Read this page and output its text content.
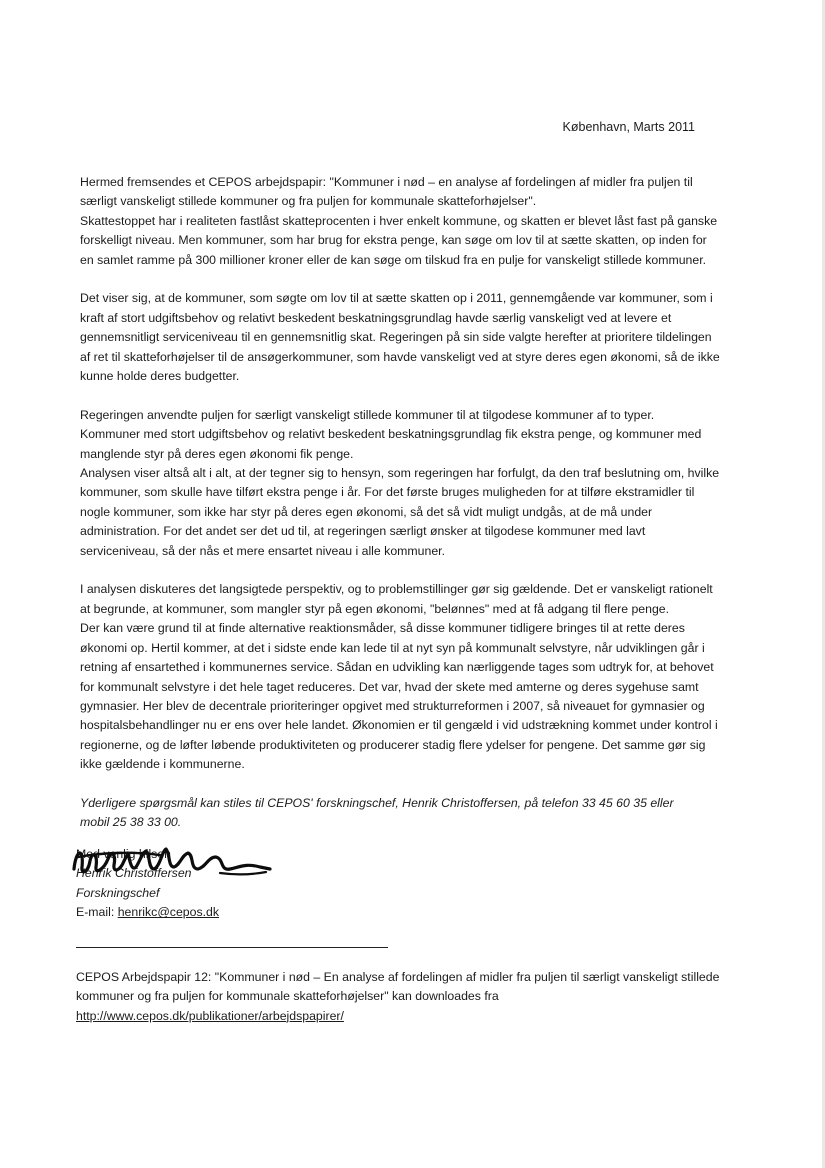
København, Marts 2011

Hermed fremsendes et CEPOS arbejdspapir: "Kommuner i nød – en analyse af fordelingen af midler fra puljen til
særligt vanskeligt stillede kommuner og fra puljen for kommunale skatteforhøjelser".
Skattestoppet har i realiteten fastlåst skatteprocenten i hver enkelt kommune, og skatten er blevet låst fast på ganske
forskelligt niveau. Men kommuner, som har brug for ekstra penge, kan søge om lov til at sætte skatten, op inden for
en samlet ramme på 300 millioner kroner eller de kan søge om tilskud fra en pulje for vanskeligt stillede kommuner.

Det viser sig, at de kommuner, som søgte om lov til at sætte skatten op i 2011, gennemgående var kommuner, som i
kraft af stort udgiftsbehov og relativt beskedent beskatningsgrundlag havde særlig vanskeligt ved at levere et
gennemsnitligt serviceniveau til en gennemsnitlig skat. Regeringen på sin side valgte herefter at prioritere tildelingen
af ret til skatteforhøjelser til de ansøgerkommuner, som havde vanskeligt ved at styre deres egen økonomi, så de ikke
kunne holde deres budgetter.

Regeringen anvendte puljen for særligt vanskeligt stillede kommuner til at tilgodese kommuner af to typer.
Kommuner med stort udgiftsbehov og relativt beskedent beskatningsgrundlag fik ekstra penge, og kommuner med
manglende styr på deres egen økonomi fik penge.
Analysen viser altså alt i alt, at der tegner sig to hensyn, som regeringen har forfulgt, da den traf beslutning om, hvilke
kommuner, som skulle have tilført ekstra penge i år. For det første bruges muligheden for at tilføre ekstramidler til
nogle kommuner, som ikke har styr på deres egen økonomi, så det så vidt muligt undgås, at de må under
administration. For det andet ser det ud til, at regeringen særligt ønsker at tilgodese kommuner med lavt
serviceniveau, så der nås et mere ensartet niveau i alle kommuner.

I analysen diskuteres det langsigtede perspektiv, og to problemstillinger gør sig gældende. Det er vanskeligt rationelt
at begrunde, at kommuner, som mangler styr på egen økonomi, "belønnes" med at få adgang til flere penge.
Der kan være grund til at finde alternative reaktionsmåder, så disse kommuner tidligere bringes til at rette deres
økonomi op. Hertil kommer, at det i sidste ende kan lede til at nyt syn på kommunalt selvstyre, når udviklingen går i
retning af ensartethed i kommunernes service. Sådan en udvikling kan nærliggende tages som udtryk for, at behovet
for kommunalt selvstyre i det hele taget reduceres. Det var, hvad der skete med amterne og deres sygehuse samt
gymnasier. Her blev de decentrale prioriteringer opgivet med strukturreformen i 2007, så niveauet for gymnasier og
hospitalsbehandlinger nu er ens over hele landet. Økonomien er til gengæld i vid udstrækning kommet under kontrol i
regionerne, og de løfter løbende produktiviteten og producerer stadig flere ydelser for pengene. Det samme gør sig
ikke gældende i kommunerne.

Yderligere spørgsmål kan stiles til CEPOS' forskningschef, Henrik Christoffersen, på telefon 33 45 60 35 eller
mobil 25 38 33 00.

Med venlig hilsen
Henrik Christoffersen
Forskningschef
E-mail: henrikc@cepos.dk
CEPOS Arbejdspapir 12: "Kommuner i nød – En analyse af fordelingen af midler fra puljen til særligt vanskeligt stillede
kommuner og fra puljen for kommunale skatteforhøjelser" kan downloades fra
http://www.cepos.dk/publikationer/arbejdspapirer/
